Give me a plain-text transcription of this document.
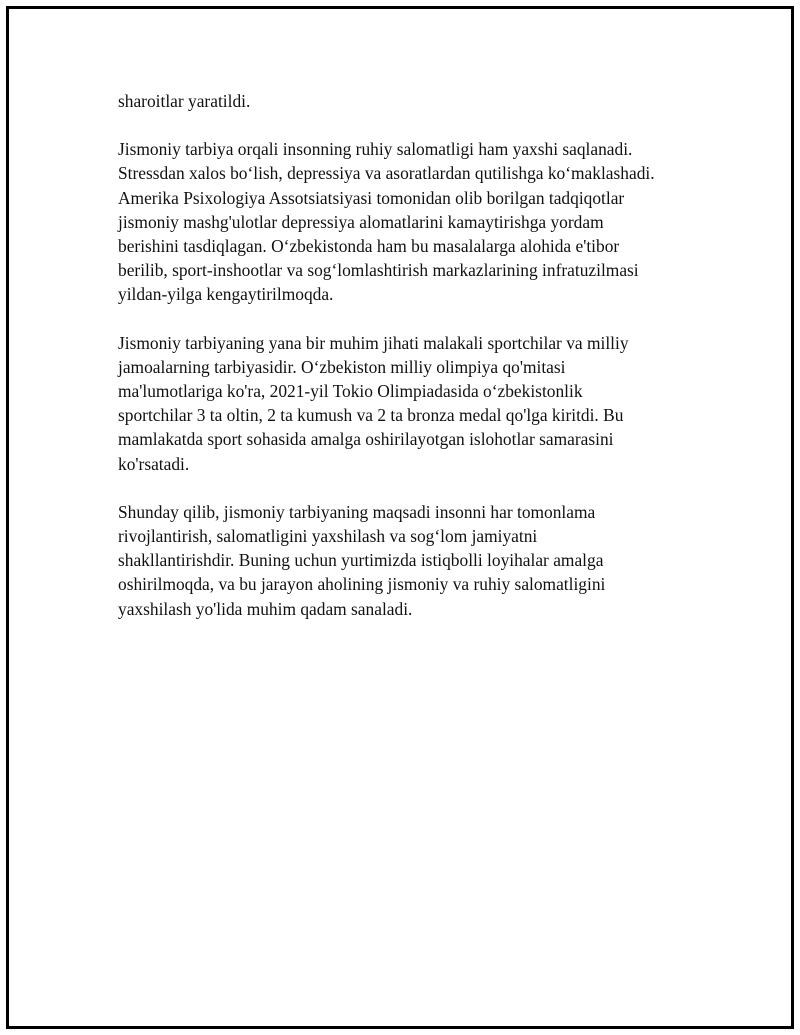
sharoitlar yaratildi.

Jismoniy tarbiya orqali insonning ruhiy salomatligi ham yaxshi saqlanadi.
Stressdan xalos bo‘lish, depressiya va asoratlardan qutilishga ko‘maklashadi.
Amerika Psixologiya Assotsiatsiyasi tomonidan olib borilgan tadqiqotlar
jismoniy mashg'ulotlar depressiya alomatlarini kamaytirishga yordam
berishini tasdiqlagan. O‘zbekistonda ham bu masalalarga alohida e'tibor
berilib, sport-inshootlar va sog‘lomlashtirish markazlarining infratuzilmasi
yildan-yilga kengaytirilmoqda.

Jismoniy tarbiyaning yana bir muhim jihati malakali sportchilar va milliy
jamoalarning tarbiyasidir. O‘zbekiston milliy olimpiya qo'mitasi
ma'lumotlariga ko'ra, 2021-yil Tokio Olimpiadasida o‘zbekistonlik
sportchilar 3 ta oltin, 2 ta kumush va 2 ta bronza medal qo'lga kiritdi. Bu
mamlakatda sport sohasida amalga oshirilayotgan islohotlar samarasini
ko'rsatadi.

Shunday qilib, jismoniy tarbiyaning maqsadi insonni har tomonlama
rivojlantirish, salomatligini yaxshilash va sog‘lom jamiyatni
shakllantirishdir. Buning uchun yurtimizda istiqbolli loyihalar amalga
oshirilmoqda, va bu jarayon aholining jismoniy va ruhiy salomatligini
yaxshilash yo'lida muhim qadam sanaladi.
